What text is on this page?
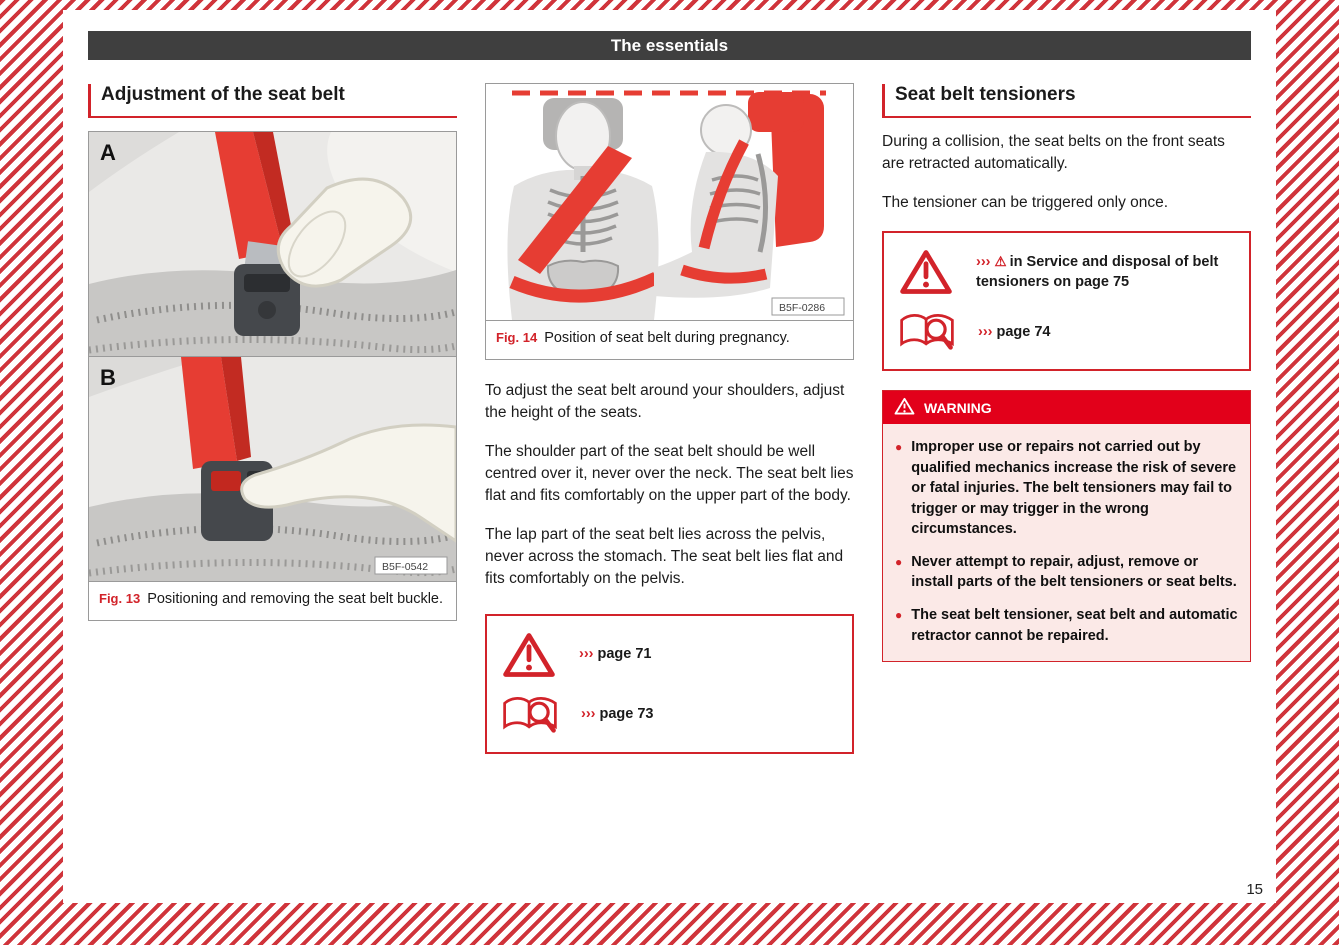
The essentials
Adjustment of the seat belt
A
B
B5F-0542
Fig. 13 Positioning and removing the seat belt buckle.
B5F-0286
Fig. 14 Position of seat belt during pregnancy.

To adjust the seat belt around your shoulders, adjust the height of the seats.

The shoulder part of the seat belt should be well centred over it, never over the neck. The seat belt lies flat and fits comfortably on the upper part of the body.

The lap part of the seat belt lies across the pelvis, never across the stomach. The seat belt lies flat and fits comfortably on the pelvis.

››› page 71
››› page 73
Seat belt tensioners

During a collision, the seat belts on the front seats are retracted automatically.

The tensioner can be triggered only once.

››› ⚠ in Service and disposal of belt tensioners on page 75
››› page 74
WARNING
● Improper use or repairs not carried out by qualified mechanics increase the risk of severe or fatal injuries. The belt tensioners may fail to trigger or may trigger in the wrong circumstances.
● Never attempt to repair, adjust, remove or install parts of the belt tensioners or seat belts.
● The seat belt tensioner, seat belt and automatic retractor cannot be repaired.
15
